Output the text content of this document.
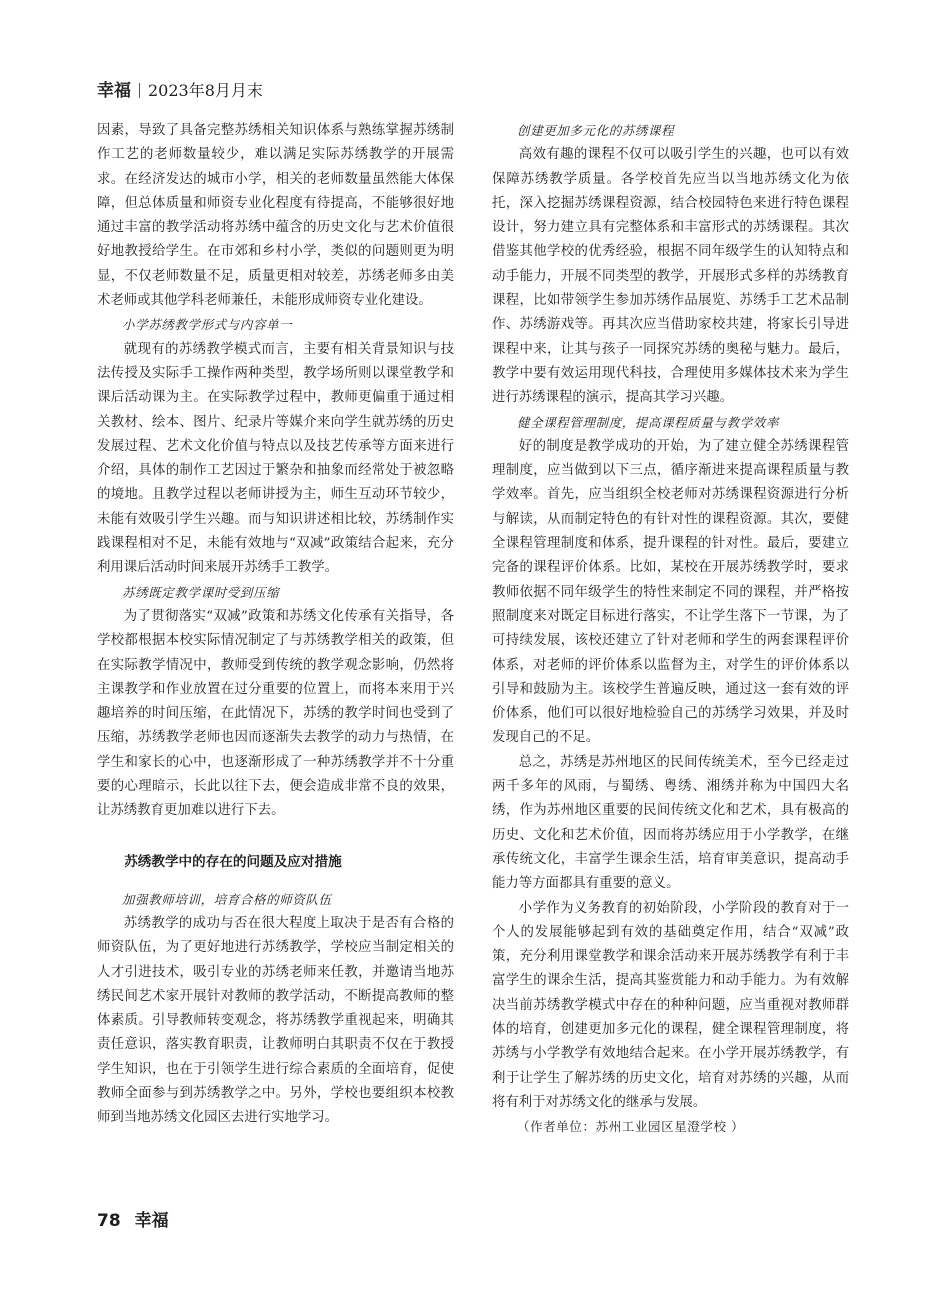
幸福 2023年8月月末

因素，导致了具备完整苏绣相关知识体系与熟练掌握苏绣制作工艺的老师数量较少，难以满足实际苏绣教学的开展需求。在经济发达的城市小学，相关的老师数量虽然能大体保障，但总体质量和师资专业化程度有待提高，不能够很好地通过丰富的教学活动将苏绣中蕴含的历史文化与艺术价值很好地教授给学生。在市郊和乡村小学，类似的问题则更为明显，不仅老师数量不足，质量更相对较差，苏绣老师多由美术老师或其他学科老师兼任，未能形成师资专业化建设。

小学苏绣教学形式与内容单一

就现有的苏绣教学模式而言，主要有相关背景知识与技法传授及实际手工操作两种类型，教学场所则以课堂教学和课后活动课为主。在实际教学过程中，教师更偏重于通过相关教材、绘本、图片、纪录片等媒介来向学生就苏绣的历史发展过程、艺术文化价值与特点以及技艺传承等方面来进行介绍，具体的制作工艺因过于繁杂和抽象而经常处于被忽略的境地。且教学过程以老师讲授为主，师生互动环节较少，未能有效吸引学生兴趣。而与知识讲述相比较，苏绣制作实践课程相对不足，未能有效地与“双减”政策结合起来，充分利用课后活动时间来展开苏绣手工教学。

苏绣既定教学课时受到压缩

为了贯彻落实“双减”政策和苏绣文化传承有关指导，各学校都根据本校实际情况制定了与苏绣教学相关的政策，但在实际教学情况中，教师受到传统的教学观念影响，仍然将主课教学和作业放置在过分重要的位置上，而将本来用于兴趣培养的时间压缩，在此情况下，苏绣的教学时间也受到了压缩，苏绣教学老师也因而逐渐失去教学的动力与热情，在学生和家长的心中，也逐渐形成了一种苏绣教学并不十分重要的心理暗示，长此以往下去，便会造成非常不良的效果，让苏绣教育更加难以进行下去。

苏绣教学中的存在的问题及应对措施
加强教师培训，培育合格的师资队伍

苏绣教学的成功与否在很大程度上取决于是否有合格的师资队伍，为了更好地进行苏绣教学，学校应当制定相关的人才引进技术，吸引专业的苏绣老师来任教，并邀请当地苏绣民间艺术家开展针对教师的教学活动，不断提高教师的整体素质。引导教师转变观念，将苏绣教学重视起来，明确其责任意识，落实教育职责，让教师明白其职责不仅在于教授学生知识，也在于引领学生进行综合素质的全面培育，促使教师全面参与到苏绣教学之中。另外，学校也要组织本校教师到当地苏绣文化园区去进行实地学习。

创建更加多元化的苏绣课程

高效有趣的课程不仅可以吸引学生的兴趣，也可以有效保障苏绣教学质量。各学校首先应当以当地苏绣文化为依托，深入挖掘苏绣课程资源，结合校园特色来进行特色课程设计，努力建立具有完整体系和丰富形式的苏绣课程。其次借鉴其他学校的优秀经验，根据不同年级学生的认知特点和动手能力，开展不同类型的教学，开展形式多样的苏绣教育课程，比如带领学生参加苏绣作品展览、苏绣手工艺术品制作、苏绣游戏等。再其次应当借助家校共建，将家长引导进课程中来，让其与孩子一同探究苏绣的奥秘与魅力。最后，教学中要有效运用现代科技，合理使用多媒体技术来为学生进行苏绣课程的演示，提高其学习兴趣。

健全课程管理制度，提高课程质量与教学效率

好的制度是教学成功的开始，为了建立健全苏绣课程管理制度，应当做到以下三点，循序渐进来提高课程质量与教学效率。首先，应当组织全校老师对苏绣课程资源进行分析与解读，从而制定特色的有针对性的课程资源。其次，要健全课程管理制度和体系，提升课程的针对性。最后，要建立完备的课程评价体系。比如，某校在开展苏绣教学时，要求教师依据不同年级学生的特性来制定不同的课程，并严格按照制度来对既定目标进行落实，不让学生落下一节课，为了可持续发展，该校还建立了针对老师和学生的两套课程评价体系，对老师的评价体系以监督为主，对学生的评价体系以引导和鼓励为主。该校学生普遍反映，通过这一套有效的评价体系，他们可以很好地检验自己的苏绣学习效果，并及时发现自己的不足。

总之，苏绣是苏州地区的民间传统美术，至今已经走过两千多年的风雨，与蜀绣、粤绣、湘绣并称为中国四大名绣，作为苏州地区重要的民间传统文化和艺术，具有极高的历史、文化和艺术价值，因而将苏绣应用于小学教学，在继承传统文化，丰富学生课余生活，培育审美意识，提高动手能力等方面都具有重要的意义。

小学作为义务教育的初始阶段，小学阶段的教育对于一个人的发展能够起到有效的基础奠定作用，结合“双减”政策，充分利用课堂教学和课余活动来开展苏绣教学有利于丰富学生的课余生活，提高其鉴赏能力和动手能力。为有效解决当前苏绣教学模式中存在的种种问题，应当重视对教师群体的培育，创建更加多元化的课程，健全课程管理制度，将苏绣与小学教学有效地结合起来。在小学开展苏绣教学，有利于让学生了解苏绣的历史文化，培育对苏绣的兴趣，从而将有利于对苏绣文化的继承与发展。

（作者单位：苏州工业园区星澄学校 ）

78 幸福
